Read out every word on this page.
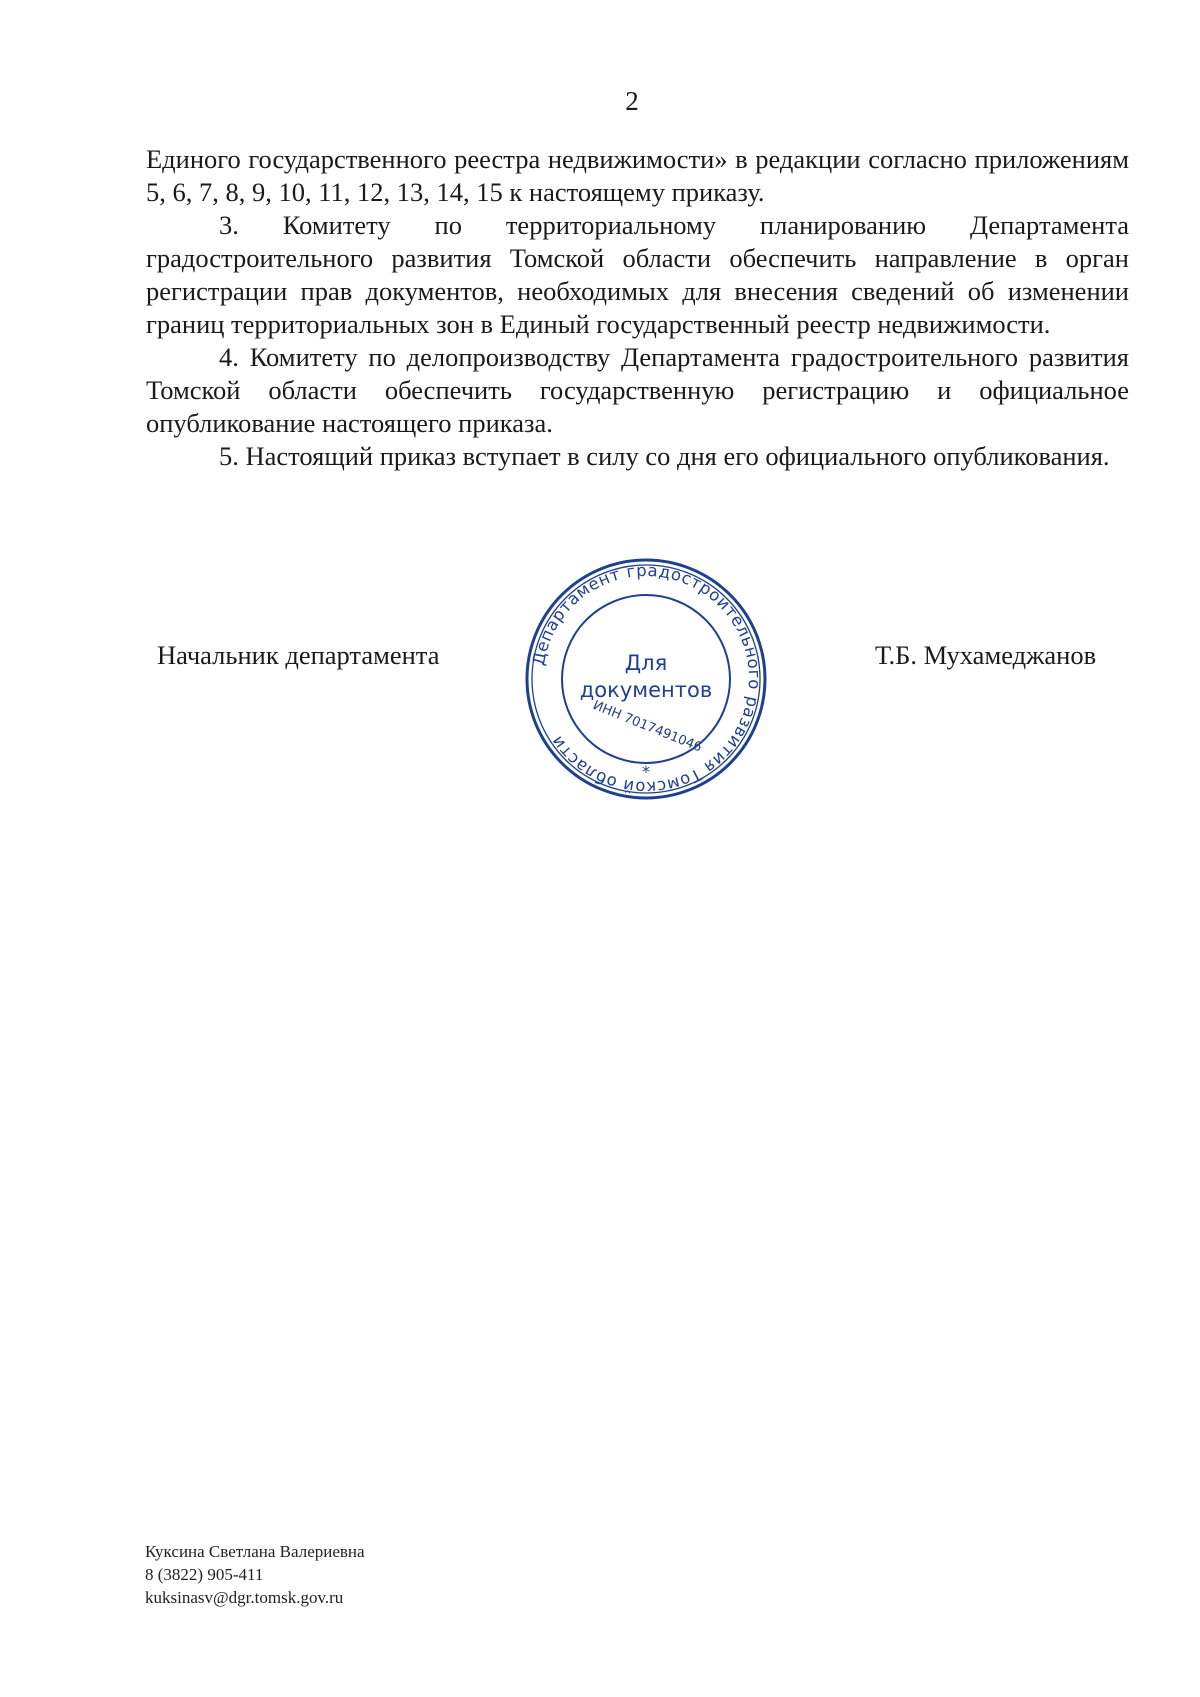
2

Единого государственного реестра недвижимости» в редакции согласно приложениям 5, 6, 7, 8, 9, 10, 11, 12, 13, 14, 15 к настоящему приказу.

3. Комитету по территориальному планированию Департамента градостроительного развития Томской области обеспечить направление в орган регистрации прав документов, необходимых для внесения сведений об изменении границ территориальных зон в Единый государственный реестр недвижимости.

4. Комитету по делопроизводству Департамента градостроительного развития Томской области обеспечить государственную регистрацию и официальное опубликование настоящего приказа.

5. Настоящий приказ вступает в силу со дня его официального опубликования.

Начальник департамента	Департамент градостроительного развития Томской области
Для
документов
ИНН 7017491046
*
Т.Б. Мухамеджанов
Куксина Светлана Валериевна
8 (3822) 905-411
kuksinasv@dgr.tomsk.gov.ru
